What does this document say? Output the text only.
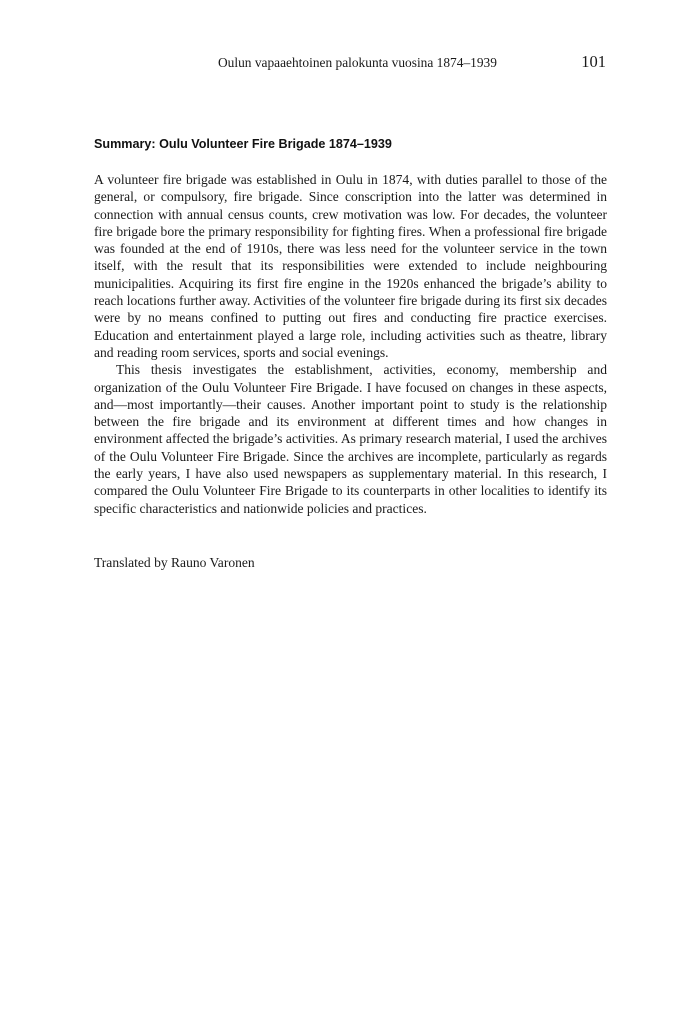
Oulun vapaaehtoinen palokunta vuosina 1874–1939	101
Summary: Oulu Volunteer Fire Brigade 1874–1939

A volunteer fire brigade was established in Oulu in 1874, with duties parallel to those of the general, or compulsory, fire brigade. Since conscription into the latter was determined in connection with annual census counts, crew motivation was low. For decades, the volunteer fire brigade bore the primary responsibility for fighting fires. When a professional fire brigade was founded at the end of 1910s, there was less need for the volunteer service in the town itself, with the result that its responsibilities were extended to include neighbouring municipalities. Acquiring its first fire engine in the 1920s enhanced the brigade’s ability to reach locations further away. Activities of the volunteer fire brigade during its first six decades were by no means confined to putting out fires and conducting fire practice exercises. Education and entertainment played a large role, including activities such as theatre, library and reading room services, sports and social evenings.

This thesis investigates the establishment, activities, economy, membership and organization of the Oulu Volunteer Fire Brigade. I have focused on changes in these aspects, and—most importantly—their causes. Another important point to study is the relationship between the fire brigade and its environment at different times and how changes in environment affected the brigade’s activities. As primary research material, I used the archives of the Oulu Volunteer Fire Brigade. Since the archives are incomplete, particularly as regards the early years, I have also used newspapers as supplementary material. In this research, I compared the Oulu Volunteer Fire Brigade to its counterparts in other localities to identify its specific characteristics and nationwide policies and practices.

Translated by Rauno Varonen
